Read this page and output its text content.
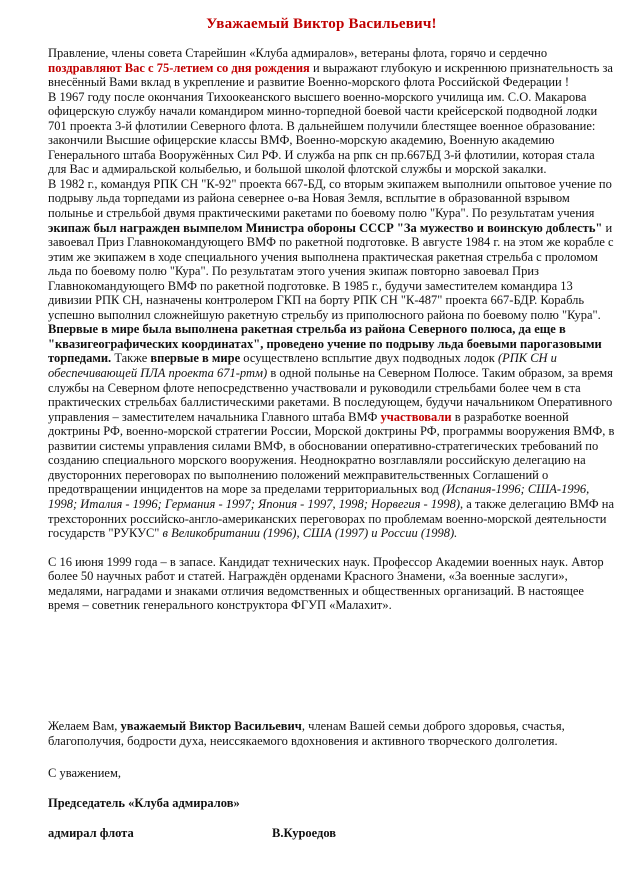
Уважаемый Виктор Васильевич!

Правление, члены совета Старейшин «Клуба адмиралов», ветераны флота, горячо и сердечно поздравляют Вас с 75-летием со дня рождения и выражают глубокую и искреннюю признательность за внесённый Вами вклад в укрепление и развитие Военно-морского флота Российской Федерации !

В 1967 году после окончания Тихоокеанского высшего военно-морского училища им. С.О. Макарова офицерскую службу начали командиром минно-торпедной боевой части крейсерской подводной лодки 701 проекта 3-й флотилии Северного флота. В дальнейшем получили блестящее военное образование: закончили Высшие офицерские классы ВМФ, Военно-морскую академию, Военную академию Генерального штаба Вооружённых Сил РФ. И служба на рпк сн пр.667БД 3-й флотилии, которая стала для Вас и адмиральской колыбелью, и большой школой флотской службы и морской закалки.

В 1982 г., командуя РПК СН "К-92" проекта 667-БД, со вторым экипажем выполнили опытовое учение по подрыву льда торпедами из района севернее о-ва Новая Земля, всплытие в образованной взрывом полынье и стрельбой двумя практическими ракетами по боевому полю "Кура". По результатам учения экипаж был награжден вымпелом Министра обороны СССР "За мужество и воинскую доблесть" и завоевал Приз Главнокомандующего ВМФ по ракетной подготовке. В августе 1984 г. на этом же корабле с этим же экипажем в ходе специального учения выполнена практическая ракетная стрельба с проломом льда по боевому полю "Кура". По результатам этого учения экипаж повторно завоевал Приз Главнокомандующего ВМФ по ракетной подготовке. В 1985 г., будучи заместителем командира 13 дивизии РПК СН, назначены контролером ГКП на борту РПК СН "К-487" проекта 667-БДР. Корабль успешно выполнил сложнейшую ракетную стрельбу из приполюсного района по боевому полю "Кура". Впервые в мире была выполнена ракетная стрельба из района Северного полюса, да еще в "квазигеографических координатах", проведено учение по подрыву льда боевыми парогазовыми торпедами. Также впервые в мире осуществлено всплытие двух подводных лодок (РПК СН и обеспечивающей ПЛА проекта 671-ртм) в одной полынье на Северном Полюсе. Таким образом, за время службы на Северном флоте непосредственно участвовали и руководили стрельбами более чем в ста практических стрельбах баллистическими ракетами. В последующем, будучи начальником Оперативного управления – заместителем начальника Главного штаба ВМФ участвовали в разработке военной доктрины РФ, военно-морской стратегии России, Морской доктрины РФ, программы вооружения ВМФ, в развитии системы управления силами ВМФ, в обосновании оперативно-стратегических требований по созданию специального морского вооружения. Неоднократно возглавляли российскую делегацию на двусторонних переговорах по выполнению положений межправительственных Соглашений о предотвращении инцидентов на море за пределами территориальных вод (Испания-1996; США-1996, 1998; Италия - 1996; Германия - 1997; Япония - 1997, 1998; Норвегия - 1998), а также делегацию ВМФ на трехсторонних российско-англо-американских переговорах по проблемам военно-морской деятельности государств "РУКУС" в Великобритании (1996), США (1997) и России (1998).

С 16 июня 1999 года – в запасе. Кандидат технических наук. Профессор Академии военных наук. Автор более 50 научных работ и статей. Награждён орденами Красного Знамени, «За военные заслуги», медалями, наградами и знаками отличия ведомственных и общественных организаций. В настоящее время – советник генерального конструктора ФГУП «Малахит».

Желаем Вам, уважаемый Виктор Васильевич, членам Вашей семьи доброго здоровья, счастья, благополучия, бодрости духа, неиссякаемого вдохновения и активного творческого долголетия.
С уважением,
Председатель «Клуба адмиралов»
адмирал флота	В.Куроедов
